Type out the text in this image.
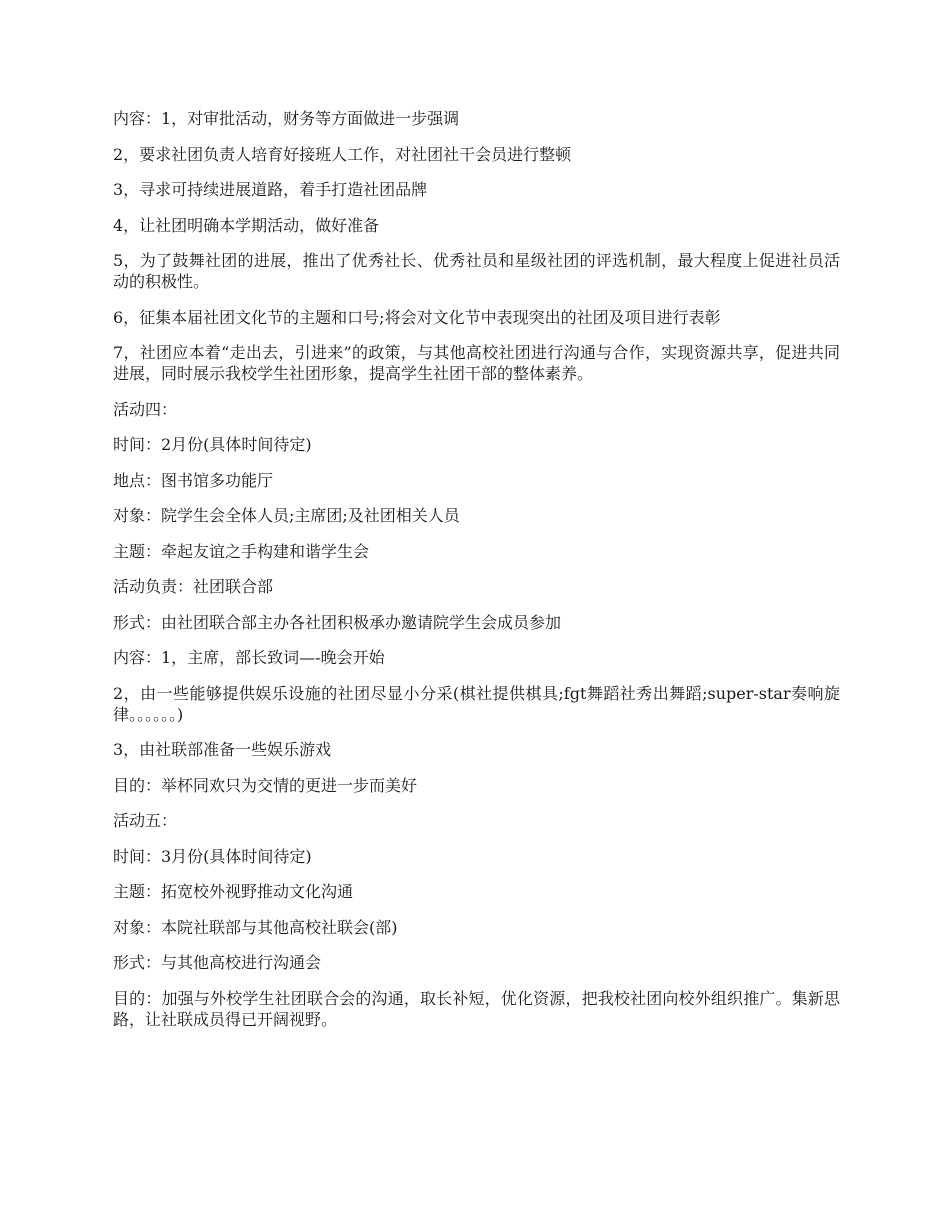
内容：1，对审批活动，财务等方面做进一步强调

2，要求社团负责人培育好接班人工作，对社团社干会员进行整顿

3，寻求可持续进展道路，着手打造社团品牌

4，让社团明确本学期活动，做好准备

5，为了鼓舞社团的进展，推出了优秀社长、优秀社员和星级社团的评选机制，最大程度上促进社员活动的积极性。

6，征集本届社团文化节的主题和口号;将会对文化节中表现突出的社团及项目进行表彰

7，社团应本着“走出去，引进来”的政策，与其他高校社团进行沟通与合作，实现资源共享，促进共同进展，同时展示我校学生社团形象，提高学生社团干部的整体素养。

活动四：

时间：2月份(具体时间待定)

地点：图书馆多功能厅

对象：院学生会全体人员;主席团;及社团相关人员

主题：牵起友谊之手构建和谐学生会

活动负责：社团联合部

形式：由社团联合部主办各社团积极承办邀请院学生会成员参加

内容：1，主席，部长致词—-晚会开始

2，由一些能够提供娱乐设施的社团尽显小分采(棋社提供棋具;fgt舞蹈社秀出舞蹈;super-star奏响旋律。。。。。。)

3，由社联部准备一些娱乐游戏

目的：举杯同欢只为交情的更进一步而美好

活动五：

时间：3月份(具体时间待定)

主题：拓宽校外视野推动文化沟通

对象：本院社联部与其他高校社联会(部)

形式：与其他高校进行沟通会

目的：加强与外校学生社团联合会的沟通，取长补短，优化资源，把我校社团向校外组织推广。集新思路，让社联成员得已开阔视野。
